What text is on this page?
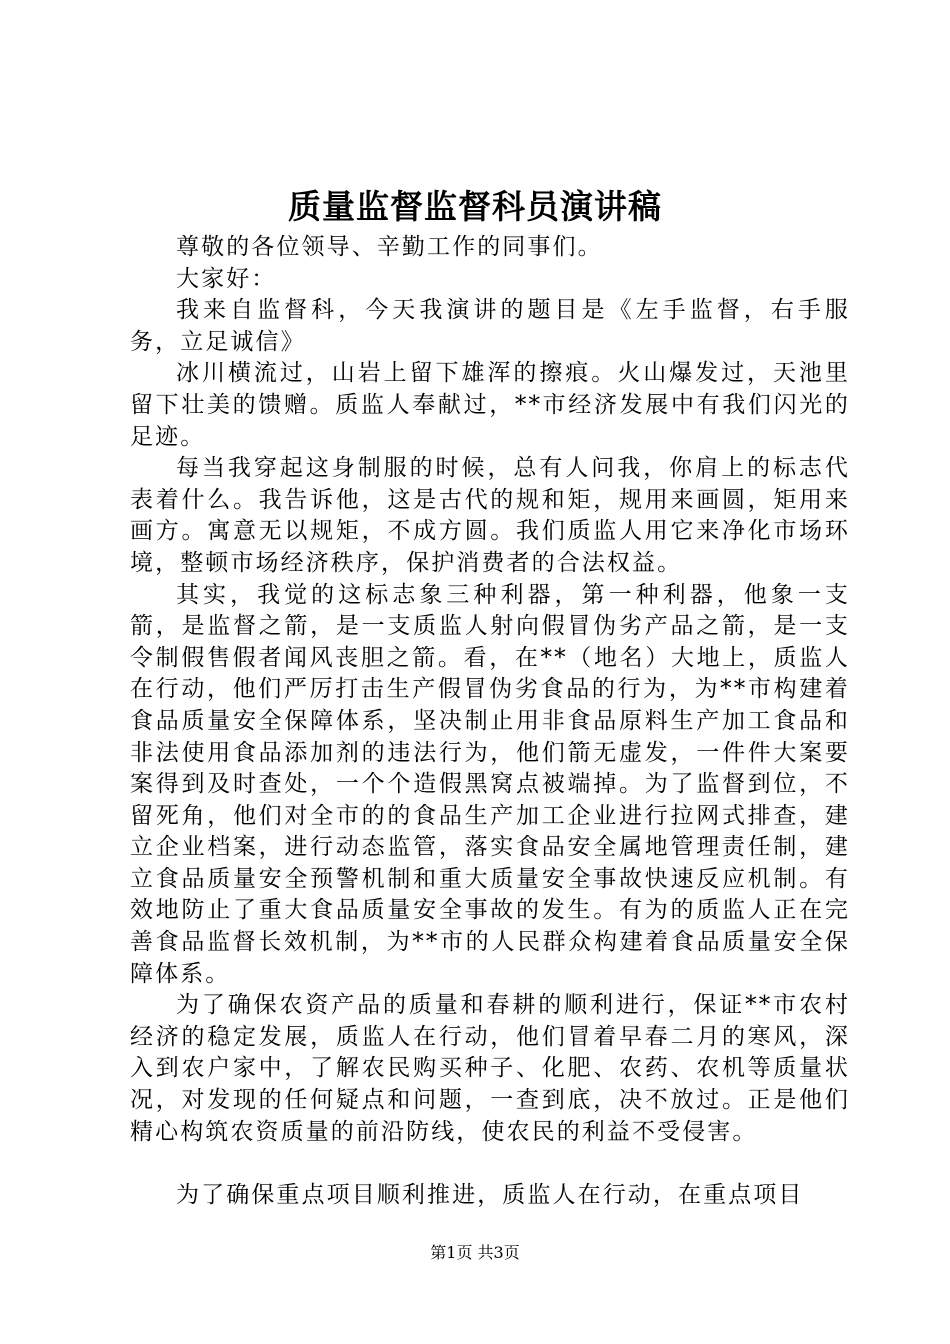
质量监督监督科员演讲稿

尊敬的各位领导、辛勤工作的同事们。

大家好：

我来自监督科，今天我演讲的题目是《左手监督，右手服务，立足诚信》

冰川横流过，山岩上留下雄浑的擦痕。火山爆发过，天池里留下壮美的馈赠。质监人奉献过，**市经济发展中有我们闪光的足迹。

每当我穿起这身制服的时候，总有人问我，你肩上的标志代表着什么。我告诉他，这是古代的规和矩，规用来画圆，矩用来画方。寓意无以规矩，不成方圆。我们质监人用它来净化市场环境，整顿市场经济秩序，保护消费者的合法权益。

其实，我觉的这标志象三种利器，第一种利器，他象一支箭，是监督之箭，是一支质监人射向假冒伪劣产品之箭，是一支令制假售假者闻风丧胆之箭。看，在**（地名）大地上，质监人在行动，他们严厉打击生产假冒伪劣食品的行为，为**市构建着食品质量安全保障体系，坚决制止用非食品原料生产加工食品和非法使用食品添加剂的违法行为，他们箭无虚发，一件件大案要案得到及时查处，一个个造假黑窝点被端掉。为了监督到位，不留死角，他们对全市的的食品生产加工企业进行拉网式排查，建立企业档案，进行动态监管，落实食品安全属地管理责任制，建立食品质量安全预警机制和重大质量安全事故快速反应机制。有效地防止了重大食品质量安全事故的发生。有为的质监人正在完善食品监督长效机制，为**市的人民群众构建着食品质量安全保障体系。

为了确保农资产品的质量和春耕的顺利进行，保证**市农村经济的稳定发展，质监人在行动，他们冒着早春二月的寒风，深入到农户家中，了解农民购买种子、化肥、农药、农机等质量状况，对发现的任何疑点和问题，一查到底，决不放过。正是他们精心构筑农资质量的前沿防线，使农民的利益不受侵害。

为了确保重点项目顺利推进，质监人在行动，在重点项目

第1页 共3页
